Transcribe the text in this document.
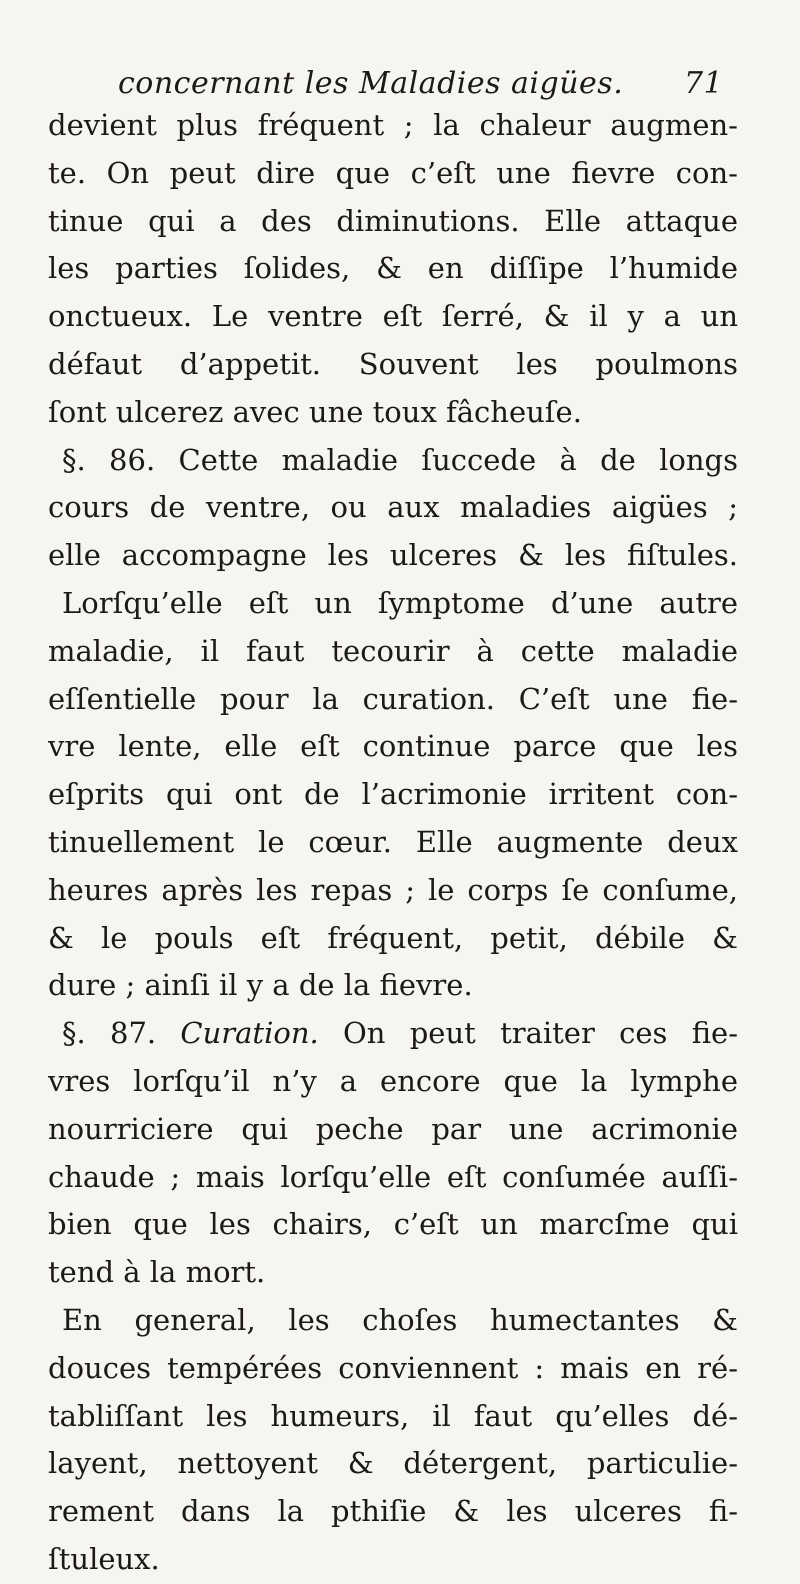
concernant les Maladies aigües. 71
devient plus fréquent ; la chaleur augmen-
te. On peut dire que c’eſt une fievre con-
tinue qui a des diminutions. Elle attaque
les parties ſolides, & en diſſipe l’humide
onctueux. Le ventre eſt ſerré, & il y a un
défaut d’appetit. Souvent les poulmons
ſont ulcerez avec une toux fâcheuſe.
§. 86. Cette maladie ſuccede à de longs
cours de ventre, ou aux maladies aigües ;
elle accompagne les ulceres & les fiſtules.
Lorſqu’elle eſt un ſymptome d’une autre
maladie, il faut tecourir à cette maladie
eſſentielle pour la curation. C’eſt une fie-
vre lente, elle eſt continue parce que les
eſprits qui ont de l’acrimonie irritent con-
tinuellement le cœur. Elle augmente deux
heures après les repas ; le corps ſe conſume,
& le pouls eſt fréquent, petit, débile &
dure ; ainſi il y a de la fievre.
§. 87. Curation. On peut traiter ces fie-
vres lorſqu’il n’y a encore que la lymphe
nourriciere qui peche par une acrimonie
chaude ; mais lorſqu’elle eſt conſumée auſſi-
bien que les chairs, c’eſt un marcſme qui
tend à la mort.
En general, les choſes humectantes &
douces tempérées conviennent : mais en ré-
tabliſſant les humeurs, il faut qu’elles dé-
layent, nettoyent & détergent, particulie-
rement dans la pthiſie & les ulceres fi-
ſtuleux.
